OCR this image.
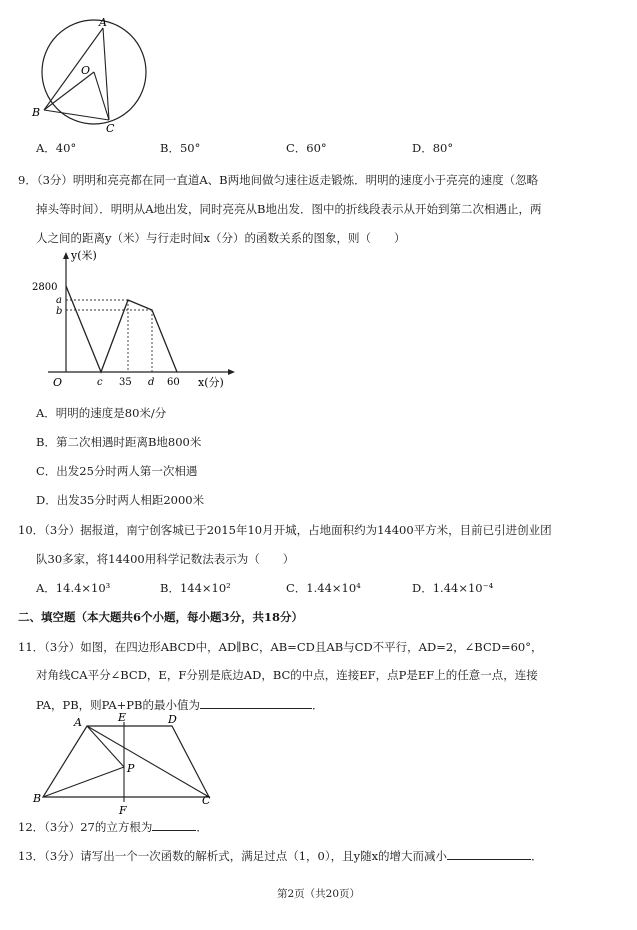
A
O
B
C
A．40°	B．50°	C．60°	D．80°
9．（3分）明明和亮亮都在同一直道A、B两地间做匀速往返走锻炼．明明的速度小于亮亮的速度（忽略
掉头等时间）．明明从A地出发，同时亮亮从B地出发．图中的折线段表示从开始到第二次相遇止，两
人之间的距离y（米）与行走时间x（分）的函数关系的图象，则（　　）
y(米)
2800
a
b
O	c 35 d 60 x(分)
A．明明的速度是80米/分
B．第二次相遇时距离B地800米
C．出发25分时两人第一次相遇
D．出发35分时两人相距2000米
10．（3分）据报道，南宁创客城已于2015年10月开城，占地面积约为14400平方米，目前已引进创业团
队30多家，将14400用科学记数法表示为（　　）
A．14.4×10³	B．144×10²	C．1.44×10⁴	D．1.44×10⁻⁴
二、填空题（本大题共6个小题，每小题3分，共18分）
11．（3分）如图，在四边形ABCD中，AD∥BC，AB=CD且AB与CD不平行，AD=2，∠BCD=60°，
对角线CA平分∠BCD，E，F分别是底边AD，BC的中点，连接EF，点P是EF上的任意一点，连接
PA，PB，则PA+PB的最小值为	．
A	E	D
P
B
F
C
12．（3分）27的立方根为	．
13．（3分）请写出一个一次函数的解析式，满足过点（1，0），且y随x的增大而减小	．
第2页（共20页）
